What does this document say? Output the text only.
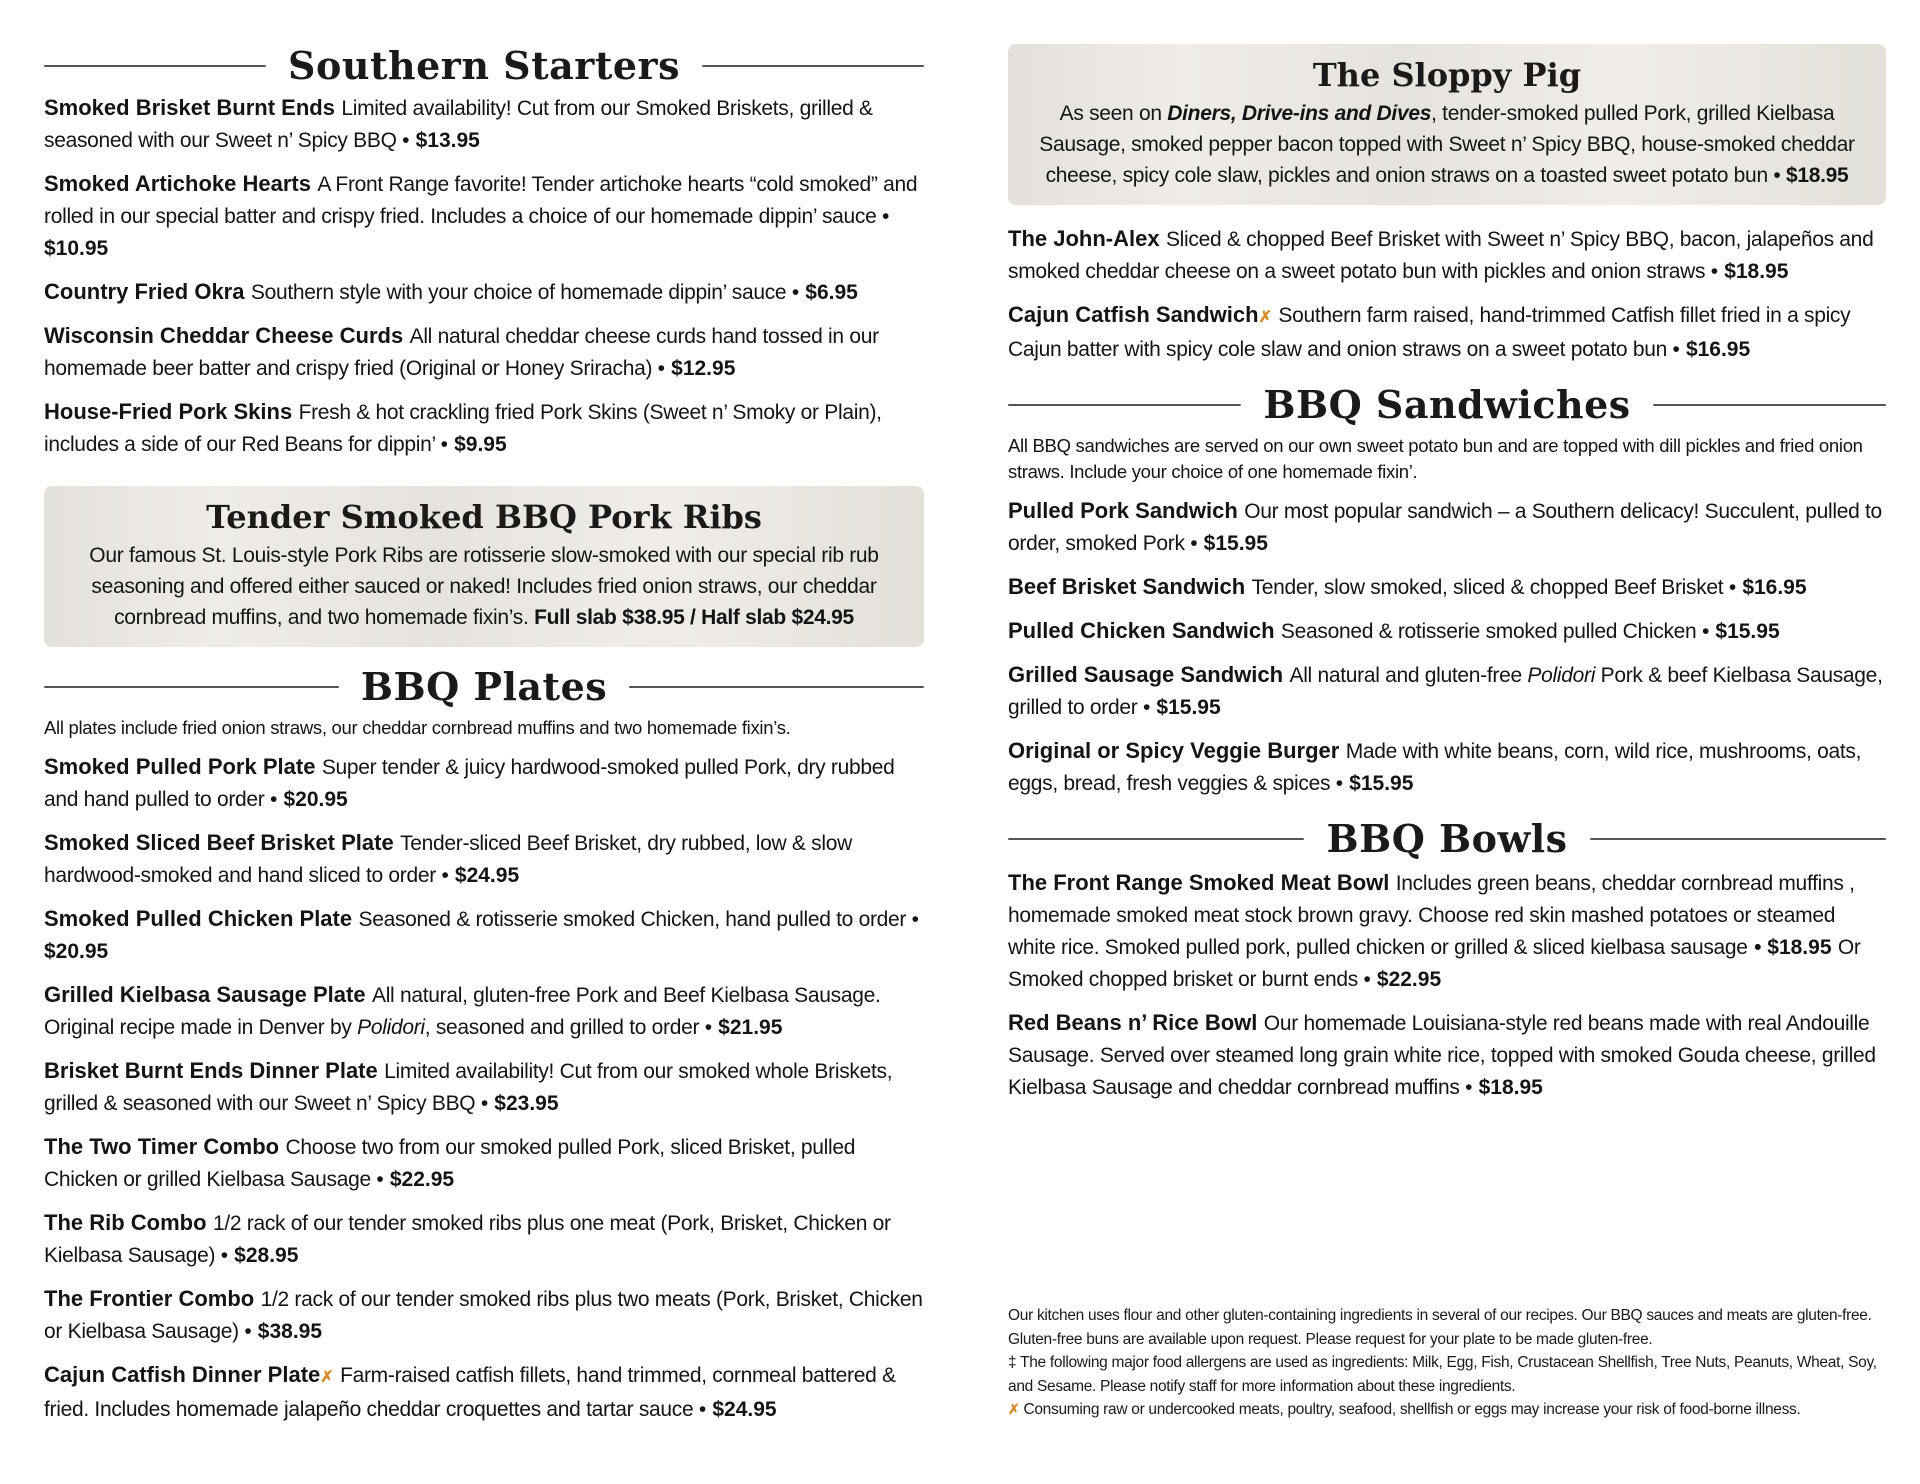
Southern Starters

Smoked Brisket Burnt Ends Limited availability! Cut from our Smoked Briskets, grilled & seasoned with our Sweet n’ Spicy BBQ • $13.95

Smoked Artichoke Hearts A Front Range favorite! Tender artichoke hearts “cold smoked” and rolled in our special batter and crispy fried. Includes a choice of our homemade dippin’ sauce • $10.95

Country Fried Okra Southern style with your choice of homemade dippin’ sauce • $6.95

Wisconsin Cheddar Cheese Curds All natural cheddar cheese curds hand tossed in our homemade beer batter and crispy fried (Original or Honey Sriracha) • $12.95

House-Fried Pork Skins Fresh & hot crackling fried Pork Skins (Sweet n’ Smoky or Plain), includes a side of our Red Beans for dippin’ • $9.95

Tender Smoked BBQ Pork Ribs
Our famous St. Louis-style Pork Ribs are rotisserie slow-smoked with our special rib rub seasoning and offered either sauced or naked! Includes fried onion straws, our cheddar cornbread muffins, and two homemade fixin’s. Full slab $38.95 / Half slab $24.95
BBQ Plates

All plates include fried onion straws, our cheddar cornbread muffins and two homemade fixin’s.

Smoked Pulled Pork Plate Super tender & juicy hardwood-smoked pulled Pork, dry rubbed and hand pulled to order • $20.95

Smoked Sliced Beef Brisket Plate Tender-sliced Beef Brisket, dry rubbed, low & slow hardwood-smoked and hand sliced to order • $24.95

Smoked Pulled Chicken Plate Seasoned & rotisserie smoked Chicken, hand pulled to order • $20.95

Grilled Kielbasa Sausage Plate All natural, gluten-free Pork and Beef Kielbasa Sausage. Original recipe made in Denver by Polidori, seasoned and grilled to order • $21.95

Brisket Burnt Ends Dinner Plate Limited availability! Cut from our smoked whole Briskets, grilled & seasoned with our Sweet n’ Spicy BBQ • $23.95

The Two Timer Combo Choose two from our smoked pulled Pork, sliced Brisket, pulled Chicken or grilled Kielbasa Sausage • $22.95

The Rib Combo 1/2 rack of our tender smoked ribs plus one meat (Pork, Brisket, Chicken or Kielbasa Sausage) • $28.95

The Frontier Combo 1/2 rack of our tender smoked ribs plus two meats (Pork, Brisket, Chicken or Kielbasa Sausage) • $38.95

Cajun Catfish Dinner Plate✗ Farm-raised catfish fillets, hand trimmed, cornmeal battered & fried. Includes homemade jalapeño cheddar croquettes and tartar sauce • $24.95

The Sloppy Pig
As seen on Diners, Drive-ins and Dives, tender-smoked pulled Pork, grilled Kielbasa Sausage, smoked pepper bacon topped with Sweet n’ Spicy BBQ, house-smoked cheddar cheese, spicy cole slaw, pickles and onion straws on a toasted sweet potato bun • $18.95

The John-Alex Sliced & chopped Beef Brisket with Sweet n’ Spicy BBQ, bacon, jalapeños and smoked cheddar cheese on a sweet potato bun with pickles and onion straws • $18.95

Cajun Catfish Sandwich✗ Southern farm raised, hand-trimmed Catfish fillet fried in a spicy Cajun batter with spicy cole slaw and onion straws on a sweet potato bun • $16.95

BBQ Sandwiches

All BBQ sandwiches are served on our own sweet potato bun and are topped with dill pickles and fried onion straws. Include your choice of one homemade fixin’.

Pulled Pork Sandwich Our most popular sandwich – a Southern delicacy! Succulent, pulled to order, smoked Pork • $15.95

Beef Brisket Sandwich Tender, slow smoked, sliced & chopped Beef Brisket • $16.95

Pulled Chicken Sandwich Seasoned & rotisserie smoked pulled Chicken • $15.95

Grilled Sausage Sandwich All natural and gluten-free Polidori Pork & beef Kielbasa Sausage, grilled to order • $15.95

Original or Spicy Veggie Burger Made with white beans, corn, wild rice, mushrooms, oats, eggs, bread, fresh veggies & spices • $15.95

BBQ Bowls

The Front Range Smoked Meat Bowl Includes green beans, cheddar cornbread muffins , homemade smoked meat stock brown gravy. Choose red skin mashed potatoes or steamed white rice. Smoked pulled pork, pulled chicken or grilled & sliced kielbasa sausage • $18.95 Or Smoked chopped brisket or burnt ends • $22.95

Red Beans n’ Rice Bowl Our homemade Louisiana-style red beans made with real Andouille Sausage. Served over steamed long grain white rice, topped with smoked Gouda cheese, grilled Kielbasa Sausage and cheddar cornbread muffins • $18.95

Our kitchen uses flour and other gluten-containing ingredients in several of our recipes. Our BBQ sauces and meats are gluten-free. Gluten-free buns are available upon request. Please request for your plate to be made gluten-free.
‡ The following major food allergens are used as ingredients: Milk, Egg, Fish, Crustacean Shellfish, Tree Nuts, Peanuts, Wheat, Soy, and Sesame. Please notify staff for more information about these ingredients.
✗ Consuming raw or undercooked meats, poultry, seafood, shellfish or eggs may increase your risk of food-borne illness.
